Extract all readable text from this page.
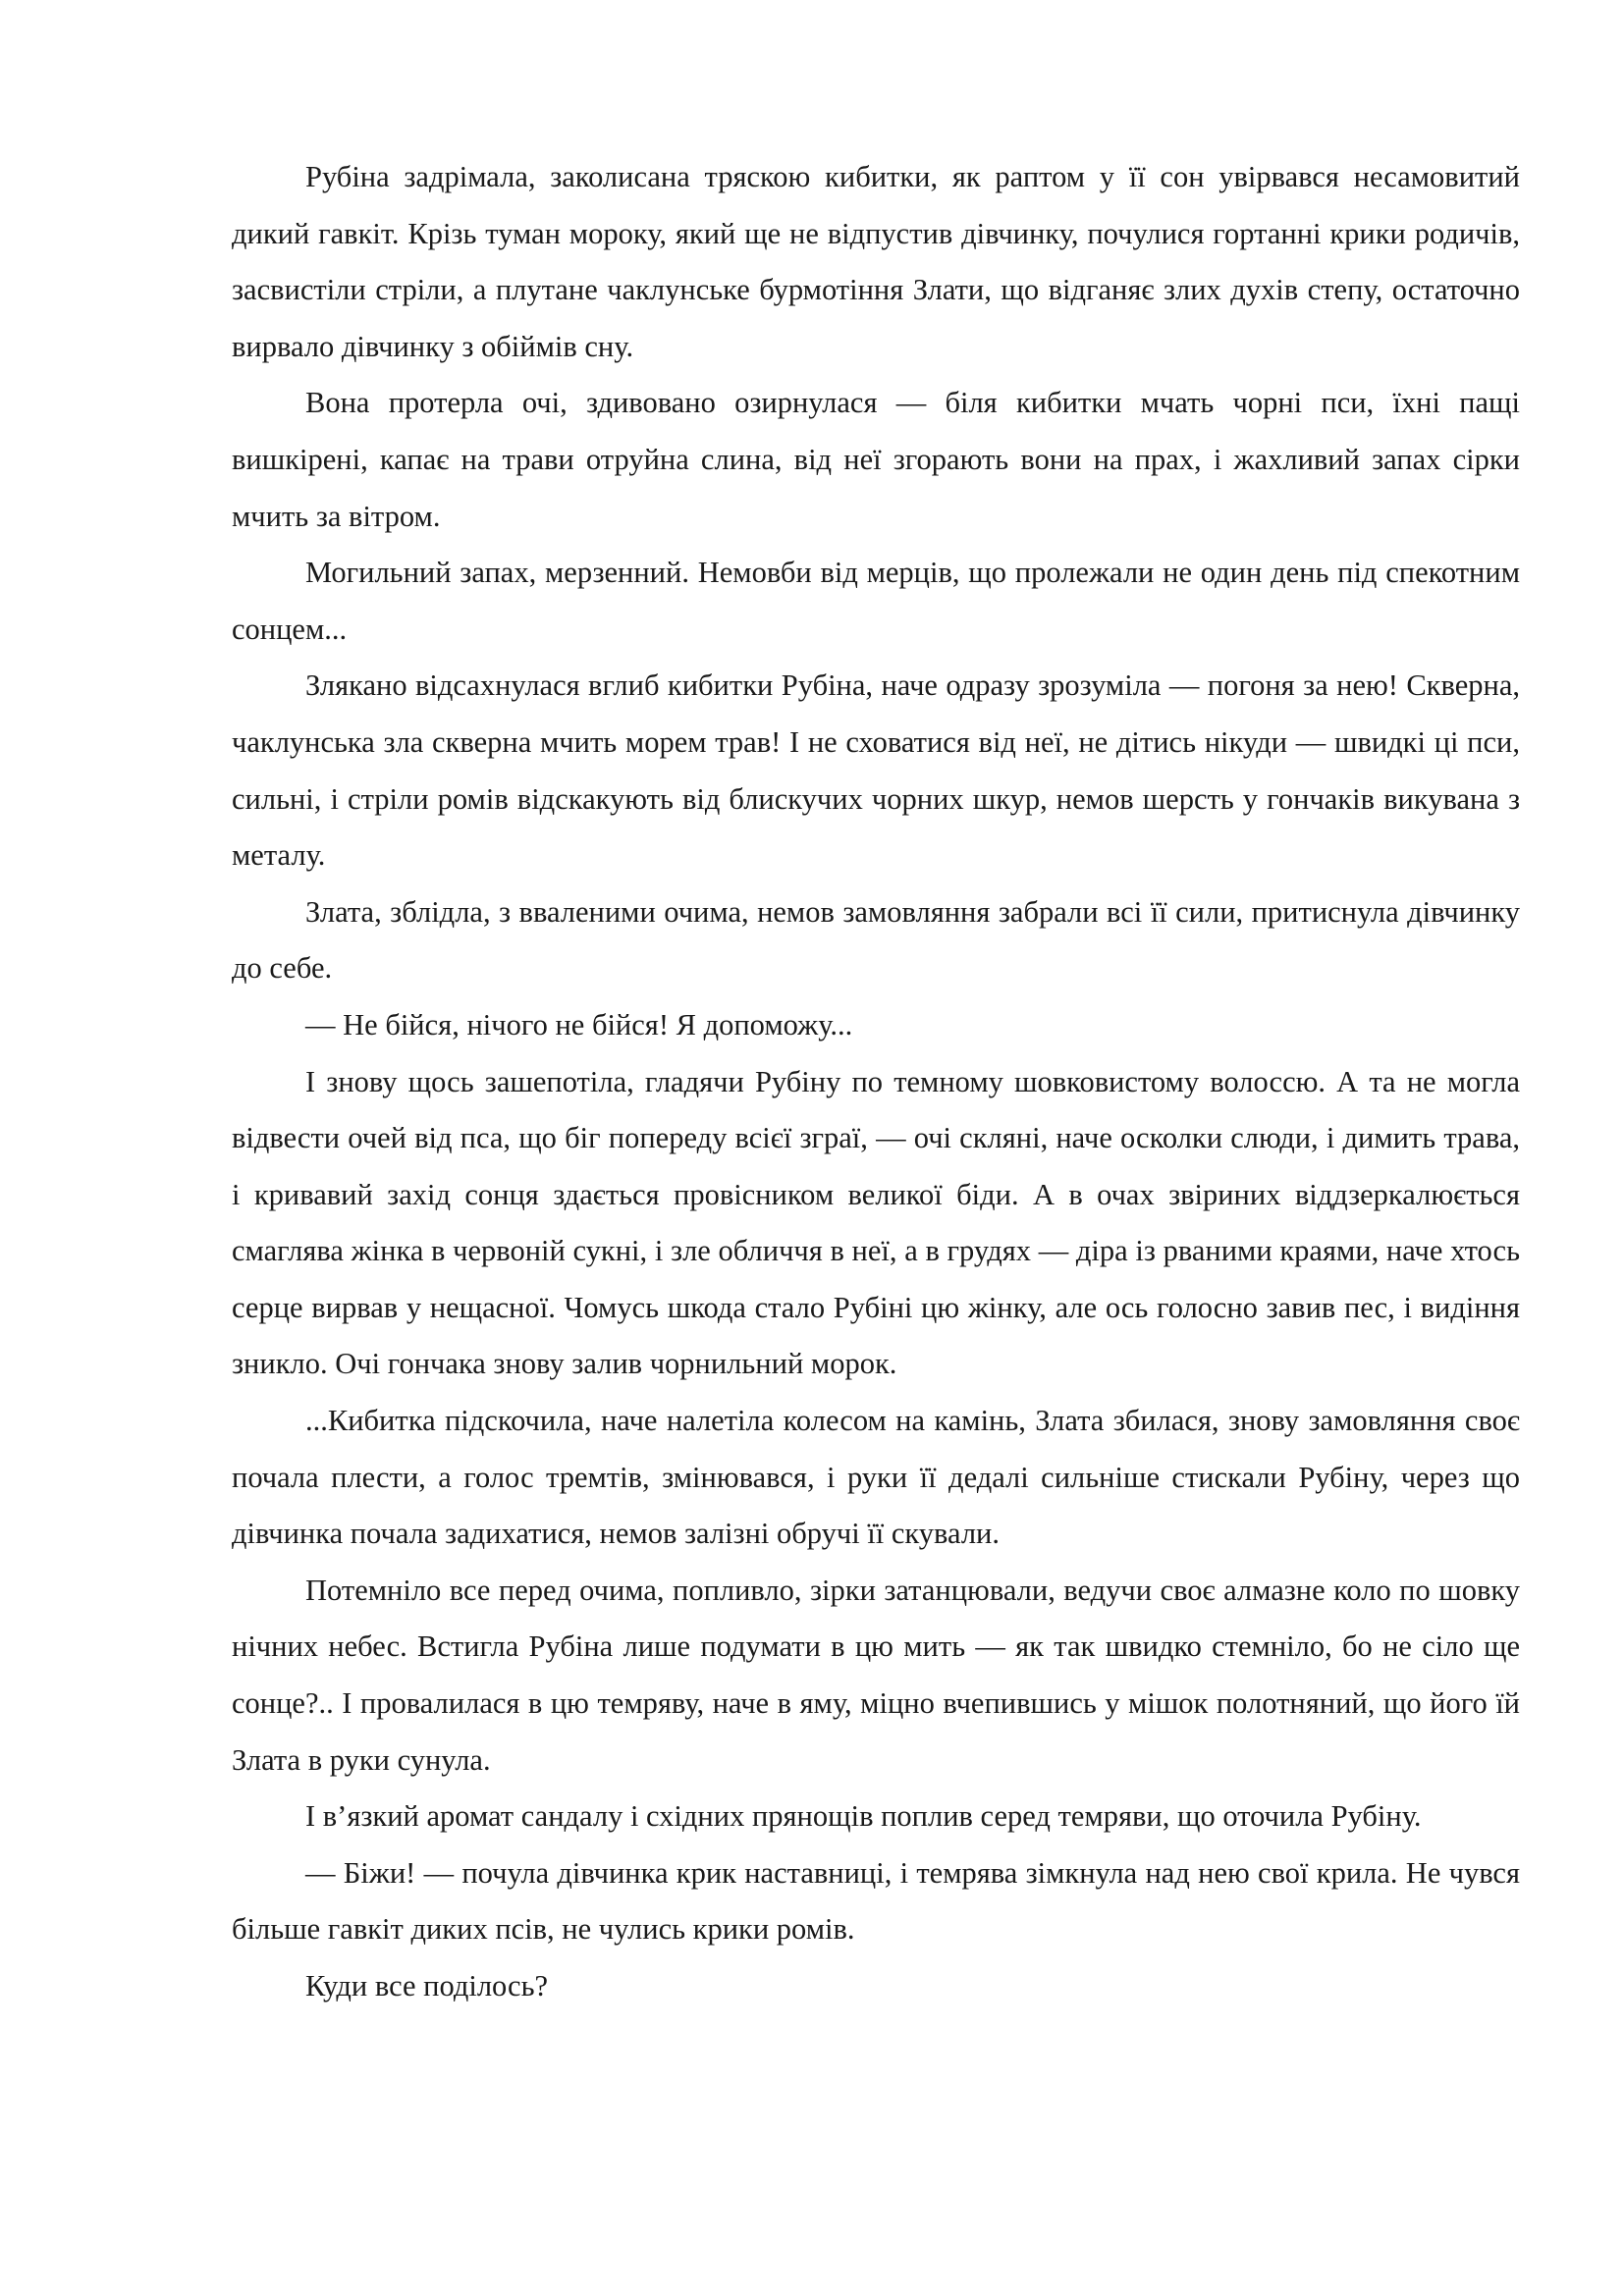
Рубіна задрімала, заколисана тряскою кибитки, як раптом у її сон увірвався несамовитий дикий гавкіт. Крізь туман мороку, який ще не відпустив дівчинку, почулися гортанні крики родичів, засвистіли стріли, а плутане чаклунське бурмотіння Злати, що відганяє злих духів степу, остаточно вирвало дівчинку з обіймів сну.

Вона протерла очі, здивовано озирнулася — біля кибитки мчать чорні пси, їхні пащі вишкірені, капає на трави отруйна слина, від неї згорають вони на прах, і жахливий запах сірки мчить за вітром.

Могильний запах, мерзенний. Немовби від мерців, що пролежали не один день під спекотним сонцем...

Злякано відсахнулася вглиб кибитки Рубіна, наче одразу зрозуміла — погоня за нею! Скверна, чаклунська зла скверна мчить морем трав! І не сховатися від неї, не дітись нікуди — швидкі ці пси, сильні, і стріли ромів відскакують від блискучих чорних шкур, немов шерсть у гончаків викувана з металу.

Злата, зблідла, з вваленими очима, немов замовляння забрали всі її сили, притиснула дівчинку до себе.

— Не бійся, нічого не бійся! Я допоможу...

І знову щось зашепотіла, гладячи Рубіну по темному шовковистому волоссю. А та не могла відвести очей від пса, що біг попереду всієї зграї, — очі скляні, наче осколки слюди, і димить трава, і кривавий захід сонця здається провісником великої біди. А в очах звіриних віддзеркалюється смаглява жінка в червоній сукні, і зле обличчя в неї, а в грудях — діра із рваними краями, наче хтось серце вирвав у нещасної. Чомусь шкода стало Рубіні цю жінку, але ось голосно завив пес, і видіння зникло. Очі гончака знову залив чорнильний морок.

...Кибитка підскочила, наче налетіла колесом на камінь, Злата збилася, знову замовляння своє почала плести, а голос тремтів, змінювався, і руки її дедалі сильніше стискали Рубіну, через що дівчинка почала задихатися, немов залізні обручі її скували.

Потемніло все перед очима, попливло, зірки затанцювали, ведучи своє алмазне коло по шовку нічних небес. Встигла Рубіна лише подумати в цю мить — як так швидко стемніло, бо не сіло ще сонце?.. І провалилася в цю темряву, наче в яму, міцно вчепившись у мішок полотняний, що його їй Злата в руки сунула.

І в’язкий аромат сандалу і східних прянощів поплив серед темряви, що оточила Рубіну.

— Біжи! — почула дівчинка крик наставниці, і темрява зімкнула над нею свої крила. Не чувся більше гавкіт диких псів, не чулись крики ромів.

Куди все поділось?
